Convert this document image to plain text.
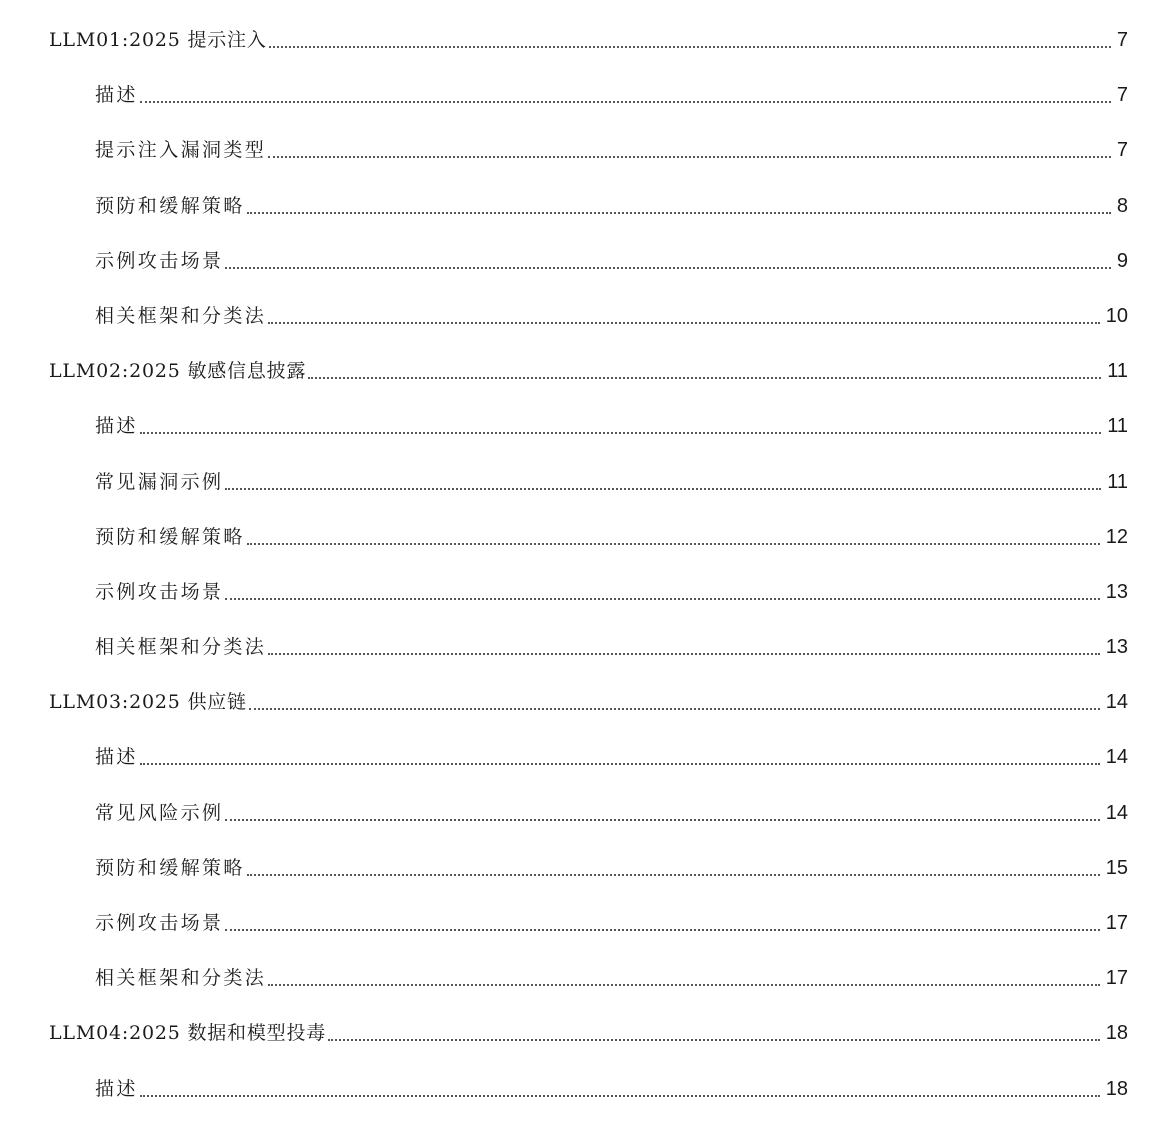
LLM01:2025 提示注入	7
描述	7
提示注入漏洞类型	7
预防和缓解策略	8
示例攻击场景	9
相关框架和分类法	10
LLM02:2025 敏感信息披露	11
描述	11
常见漏洞示例	11
预防和缓解策略	12
示例攻击场景	13
相关框架和分类法	13
LLM03:2025 供应链	14
描述	14
常见风险示例	14
预防和缓解策略	15
示例攻击场景	17
相关框架和分类法	17
LLM04:2025 数据和模型投毒	18
描述	18
